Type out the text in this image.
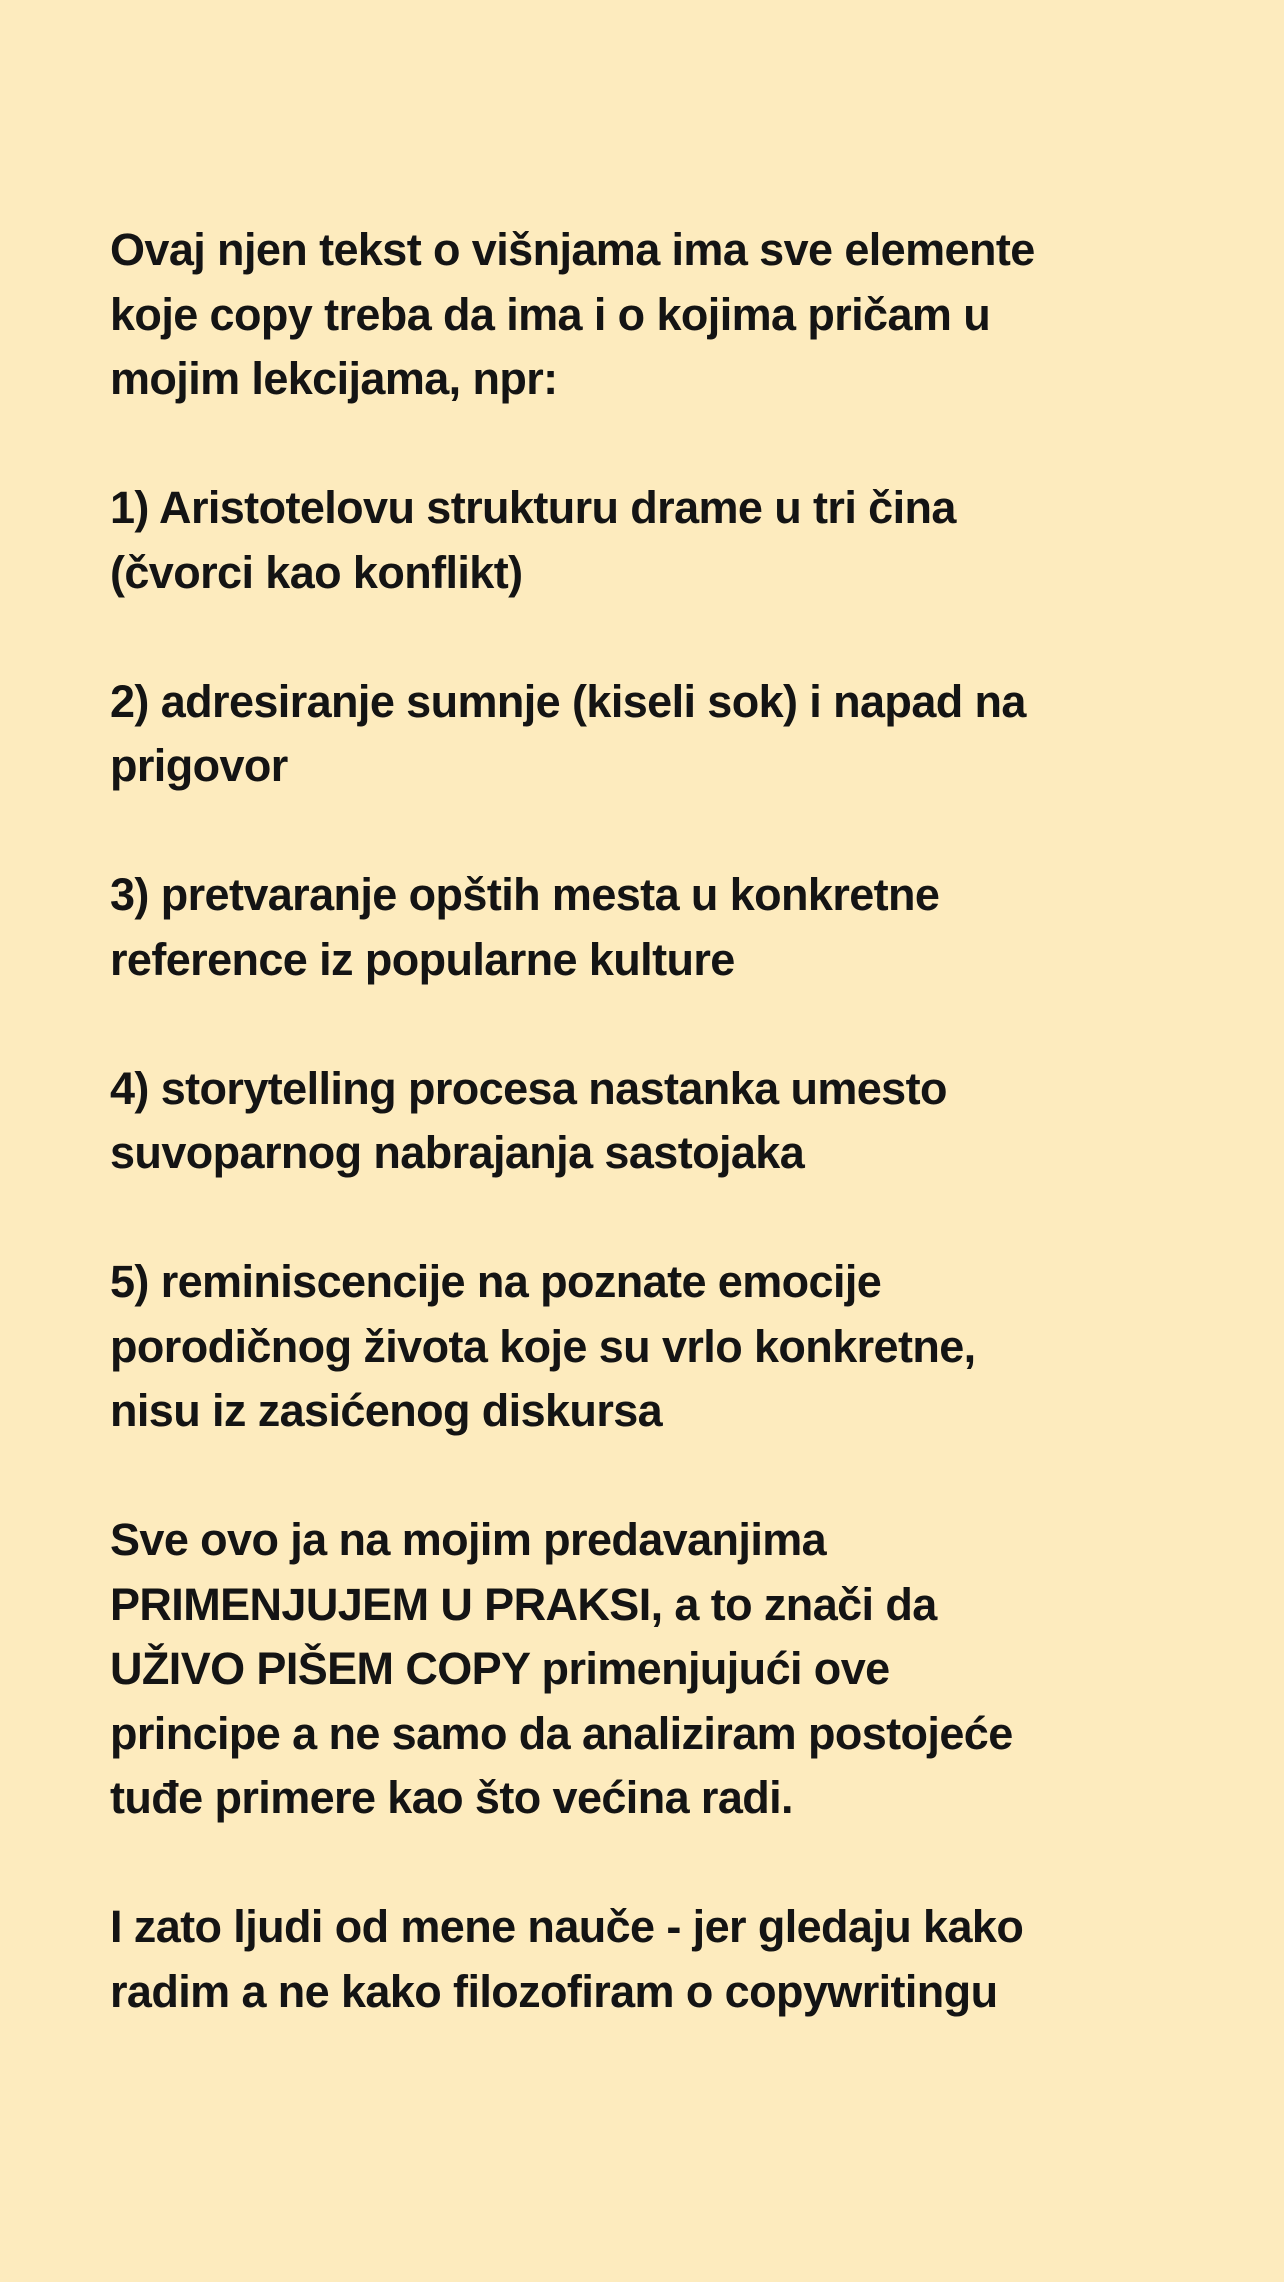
Ovaj njen tekst o višnjama ima sve elemente
koje copy treba da ima i o kojima pričam u
mojim lekcijama, npr:
1) Aristotelovu strukturu drame u tri čina
(čvorci kao konflikt)
2) adresiranje sumnje (kiseli sok) i napad na
prigovor
3) pretvaranje opštih mesta u konkretne
reference iz popularne kulture
4) storytelling procesa nastanka umesto
suvoparnog nabrajanja sastojaka
5) reminiscencije na poznate emocije
porodičnog života koje su vrlo konkretne,
nisu iz zasićenog diskursa
Sve ovo ja na mojim predavanjima
PRIMENJUJEM U PRAKSI, a to znači da
UŽIVO PIŠEM COPY primenjujući ove
principe a ne samo da analiziram postojeće
tuđe primere kao što većina radi.
I zato ljudi od mene nauče - jer gledaju kako
radim a ne kako filozofiram o copywritingu
